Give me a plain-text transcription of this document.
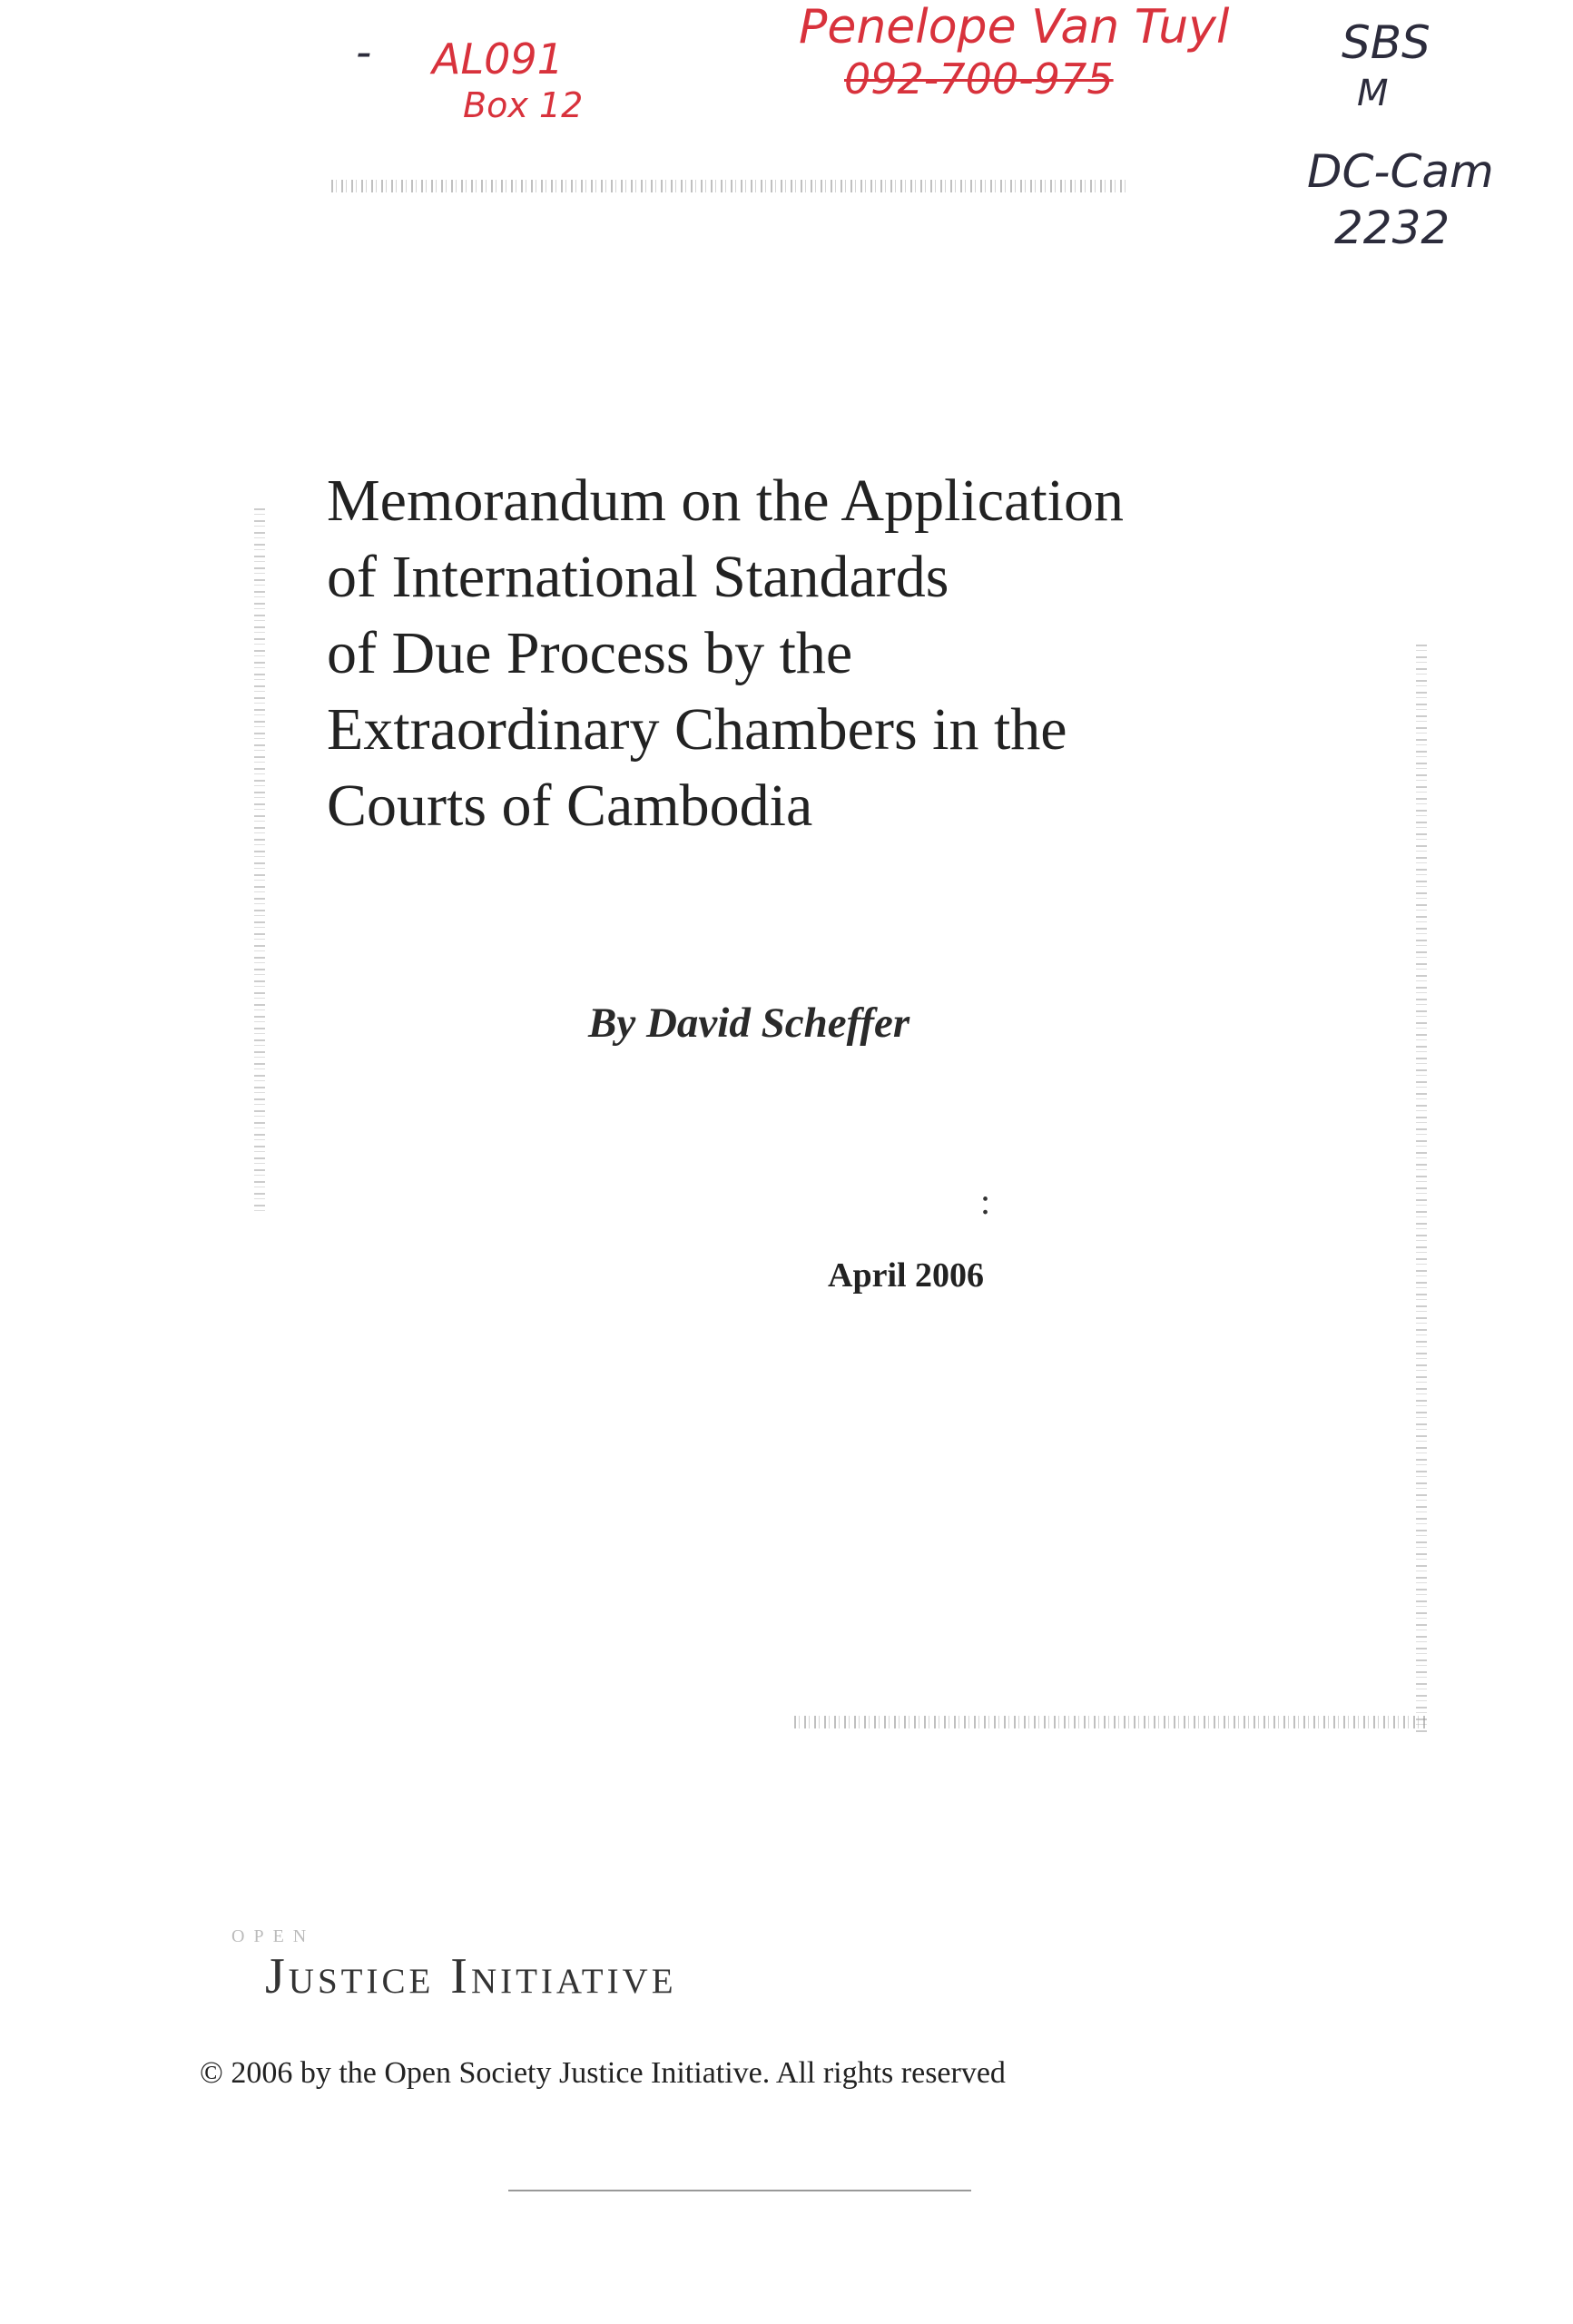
- AL091
Box 12
Penelope Van Tuyl
092-700-975
SBS
M
DC-Cam
2232
Memorandum on the Application
of International Standards
of Due Process by the
Extraordinary Chambers in the
Courts of Cambodia
By David Scheffer
:
April 2006
OPEN
Justice Initiative
© 2006 by the Open Society Justice Initiative. All rights reserved
